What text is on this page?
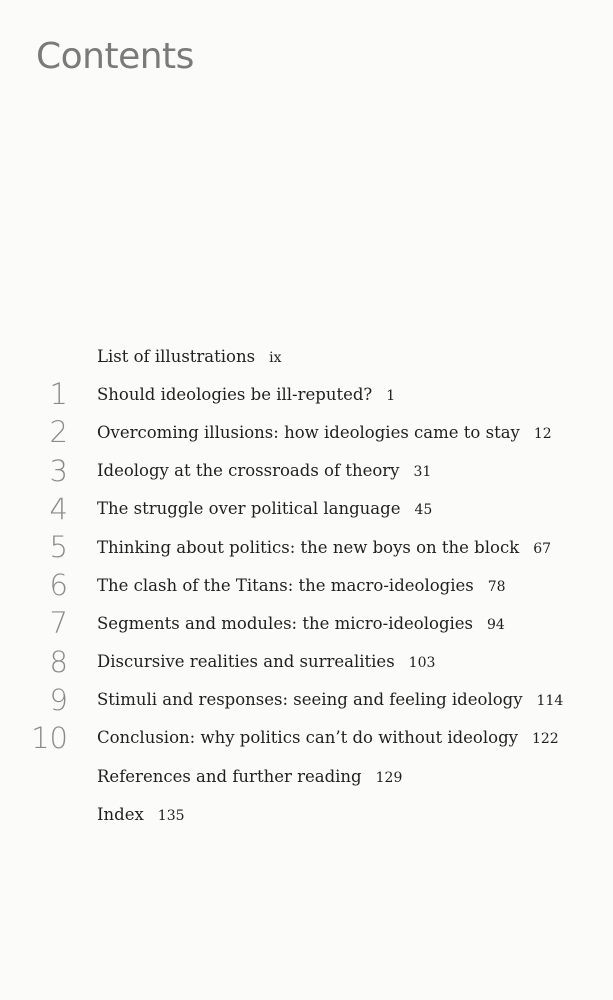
Contents
List of illustrations ix
1 Should ideologies be ill-reputed? 1
2 Overcoming illusions: how ideologies came to stay 12
3 Ideology at the crossroads of theory 31
4 The struggle over political language 45
5 Thinking about politics: the new boys on the block 67
6 The clash of the Titans: the macro-ideologies 78
7 Segments and modules: the micro-ideologies 94
8 Discursive realities and surrealities 103
9 Stimuli and responses: seeing and feeling ideology 114
10 Conclusion: why politics can’t do without ideology 122
References and further reading 129
Index 135
